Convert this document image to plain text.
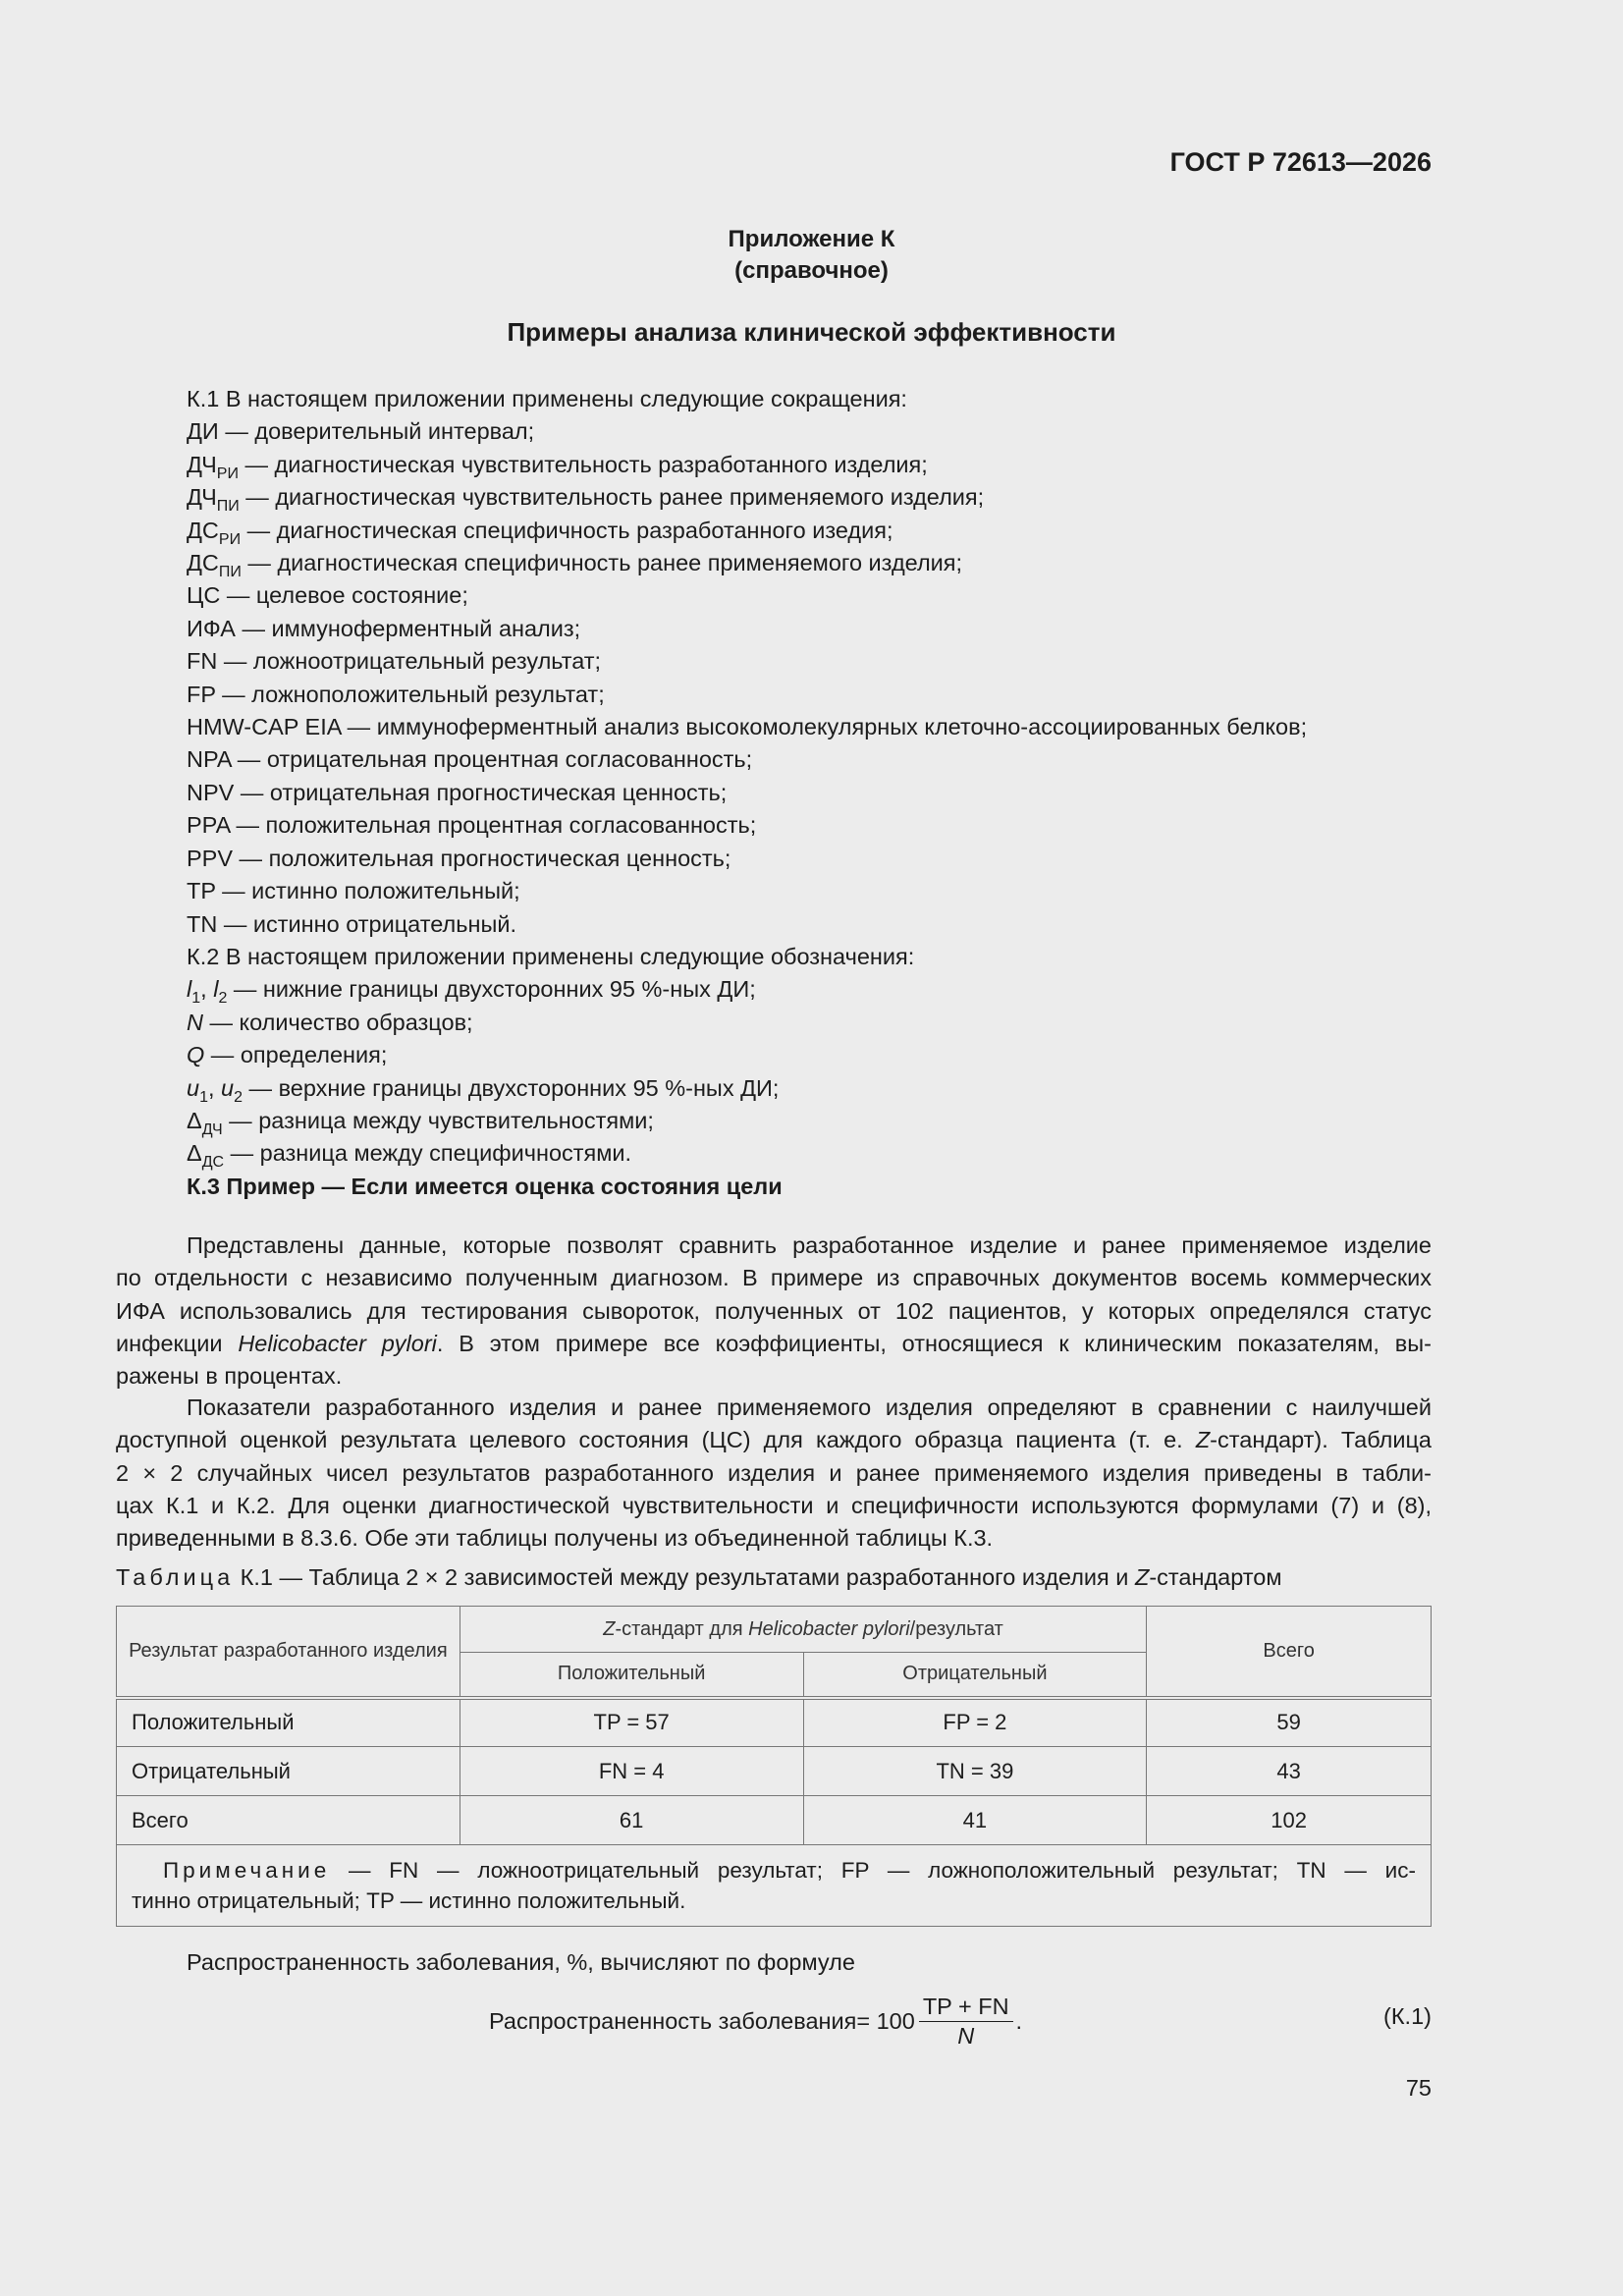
ГОСТ Р 72613—2026
Приложение К
(справочное)
Примеры анализа клинической эффективности
К.1 В настоящем приложении применены следующие сокращения:
ДИ — доверительный интервал;
$ДЧ_{РИ}$ — диагностическая чувствительность разработанного изделия;
$ДЧ_{ПИ}$ — диагностическая чувствительность ранее применяемого изделия;
$ДС_{РИ}$ — диагностическая специфичность разработанного изедия;
$ДС_{ПИ}$ — диагностическая специфичность ранее применяемого изделия;
ЦС — целевое состояние;
ИФА — иммуноферментный анализ;
FN — ложноотрицательный результат;
FP — ложноположительный результат;
HMW-CAP EIA — иммуноферментный анализ высокомолекулярных клеточно-ассоциированных белков;
NPA — отрицательная процентная согласованность;
NPV — отрицательная прогностическая ценность;
PPA — положительная процентная согласованность;
PPV — положительная прогностическая ценность;
TP — истинно положительный;
TN — истинно отрицательный.
К.2 В настоящем приложении применены следующие обозначения:
$l_1$, $l_2$ — нижние границы двухсторонних 95 %-ных ДИ;
N — количество образцов;
Q — определения;
$u_1$, $u_2$ — верхние границы двухсторонних 95 %-ных ДИ;
$\Delta_{ДЧ}$ — разница между чувствительностями;
$\Delta_{ДС}$ — разница между специфичностями.
К.3 Пример — Если имеется оценка состояния цели
Представлены данные, которые позволят сравнить разработанное изделие и ранее применяемое изделие
по отдельности с независимо полученным диагнозом. В примере из справочных документов восемь коммерческих
ИФА использовались для тестирования сывороток, полученных от 102 пациентов, у которых определялся статус
инфекции Helicobacter pylori. В этом примере все коэффициенты, относящиеся к клиническим показателям, вы-
ражены в процентах.
Показатели разработанного изделия и ранее применяемого изделия определяют в сравнении с наилучшей
доступной оценкой результата целевого состояния (ЦС) для каждого образца пациента (т. е. Z-стандарт). Таблица
2 × 2 случайных чисел результатов разработанного изделия и ранее применяемого изделия приведены в табли-
цах К.1 и К.2. Для оценки диагностической чувствительности и специфичности используются формулами (7) и (8),
приведенными в 8.3.6. Обе эти таблицы получены из объединенной таблицы К.3.
Таблица К.1 — Таблица 2 × 2 зависимостей между результатами разработанного изделия и Z-стандартом
Результат разработанного изделия	Z-стандарт для Helicobacter pylori/результат		Всего
	Положительный	Отрицательный	
Положительный	TP = 57	FP = 2	59
Отрицательный	FN = 4	TN = 39	43
Всего	61	41	102

Примечание — FN — ложноотрицательный результат; FP — ложноположительный результат; TN — ис-
тинно отрицательный; TP — истинно положительный.			
Распространенность заболевания, %, вычисляют по формуле
Распространенность заболевания = $100 \frac{TP + FN}{N}$ .	(К.1)
75
